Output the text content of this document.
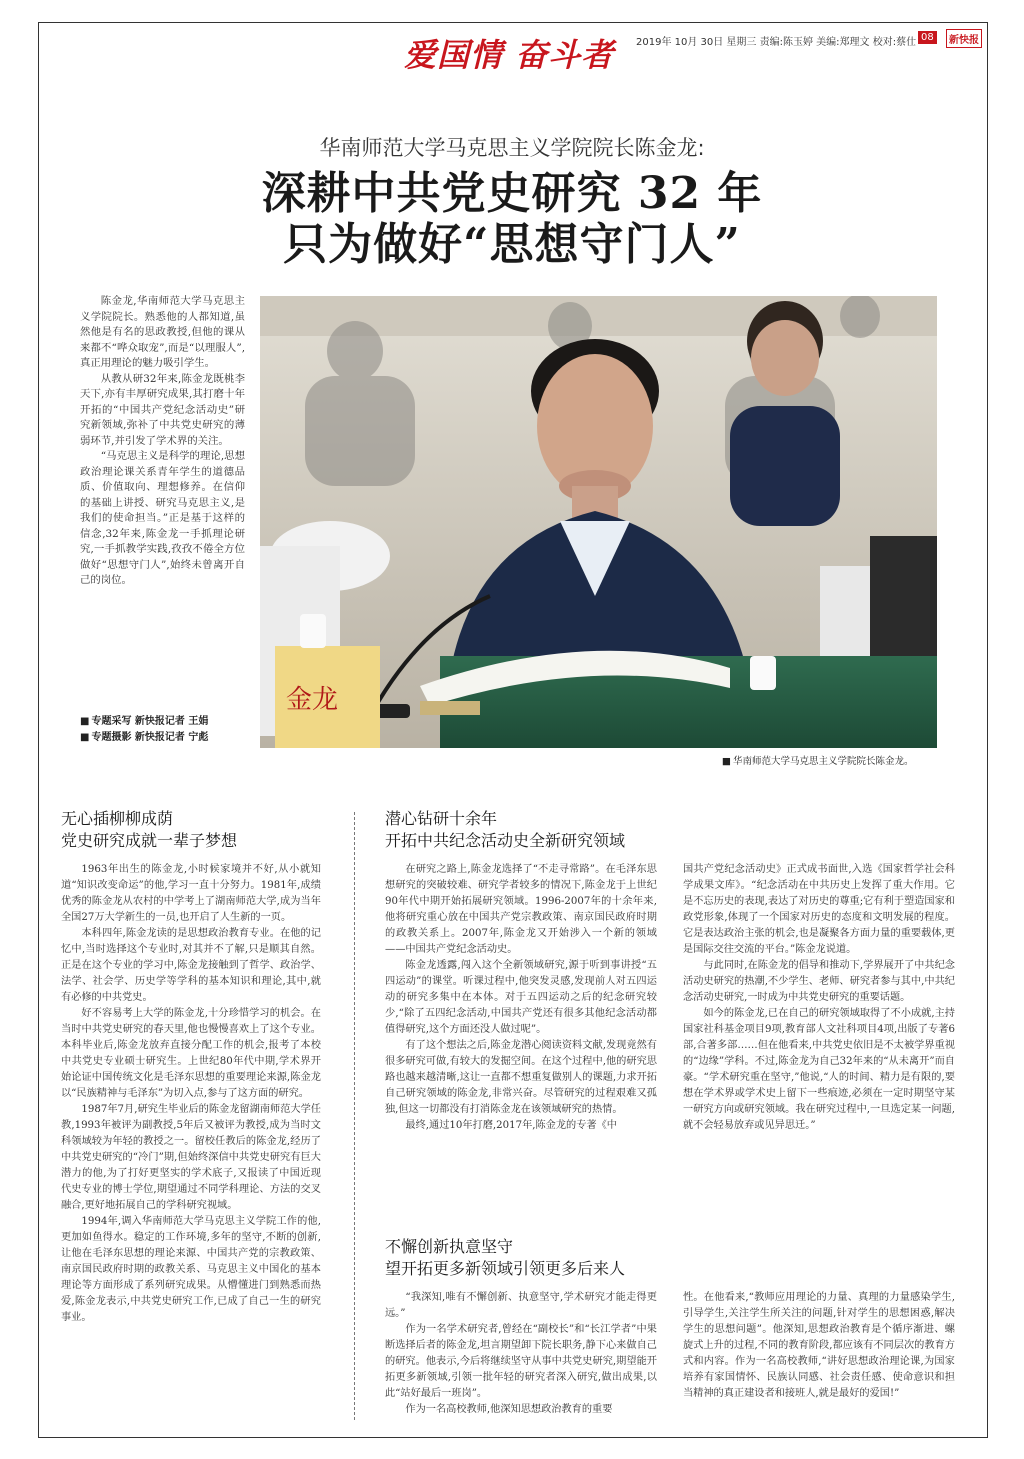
爱国情 奋斗者 2019年 10月 30日 星期三 责编:陈玉婷 美编:郑理文 校对:蔡仕 08	新快报
华南师范大学马克思主义学院院长陈金龙:
深耕中共党史研究 32 年
只为做好“思想守门人”

陈金龙,华南师范大学马克思主义学院院长。熟悉他的人都知道,虽然他是有名的思政教授,但他的课从来都不“哗众取宠”,而是“以理服人”,真正用理论的魅力吸引学生。

从教从研32年来,陈金龙既桃李天下,亦有丰厚研究成果,其打磨十年开拓的“中国共产党纪念活动史”研究新领域,弥补了中共党史研究的薄弱环节,并引发了学术界的关注。

“马克思主义是科学的理论,思想政治理论课关系青年学生的道德品质、价值取向、理想修养。在信仰的基础上讲授、研究马克思主义,是我们的使命担当。”正是基于这样的信念,32年来,陈金龙一手抓理论研究,一手抓教学实践,孜孜不倦全方位做好“思想守门人”,始终未曾离开自己的岗位。

■ 专题采写 新快报记者 王娟
■ 专题摄影 新快报记者 宁彪
金龙
■ 华南师范大学马克思主义学院院长陈金龙。
无心插柳柳成荫
党史研究成就一辈子梦想

1963年出生的陈金龙,小时候家境并不好,从小就知道“知识改变命运”的他,学习一直十分努力。1981年,成绩优秀的陈金龙从农村的中学考上了湖南师范大学,成为当年全国27万大学新生的一员,也开启了人生新的一页。

本科四年,陈金龙读的是思想政治教育专业。在他的记忆中,当时选择这个专业时,对其并不了解,只是顺其自然。正是在这个专业的学习中,陈金龙接触到了哲学、政治学、法学、社会学、历史学等学科的基本知识和理论,其中,就有必修的中共党史。

好不容易考上大学的陈金龙,十分珍惜学习的机会。在当时中共党史研究的春天里,他也慢慢喜欢上了这个专业。本科毕业后,陈金龙放弃直接分配工作的机会,报考了本校中共党史专业硕士研究生。上世纪80年代中期,学术界开始论证中国传统文化是毛泽东思想的重要理论来源,陈金龙以“民族精神与毛泽东”为切入点,参与了这方面的研究。

1987年7月,研究生毕业后的陈金龙留湖南师范大学任教,1993年被评为副教授,5年后又被评为教授,成为当时文科领域较为年轻的教授之一。留校任教后的陈金龙,经历了中共党史研究的“冷门”期,但始终深信中共党史研究有巨大潜力的他,为了打好更坚实的学术底子,又报读了中国近现代史专业的博士学位,期望通过不同学科理论、方法的交叉融合,更好地拓展自己的学科研究视域。

1994年,调入华南师范大学马克思主义学院工作的他,更加如鱼得水。稳定的工作环境,多年的坚守,不断的创新,让他在毛泽东思想的理论来源、中国共产党的宗教政策、南京国民政府时期的政教关系、马克思主义中国化的基本理论等方面形成了系列研究成果。从懵懂进门到熟悉而热爱,陈金龙表示,中共党史研究工作,已成了自己一生的研究事业。

潜心钻研十余年
开拓中共纪念活动史全新研究领域

在研究之路上,陈金龙选择了“不走寻常路”。在毛泽东思想研究的突破较难、研究学者较多的情况下,陈金龙于上世纪90年代中期开始拓展研究领域。1996-2007年的十余年来,他将研究重心放在中国共产党宗教政策、南京国民政府时期的政教关系上。2007年,陈金龙又开始涉入一个新的领域——中国共产党纪念活动史。

陈金龙透露,闯入这个全新领域研究,源于听到事讲授“五四运动”的课堂。听课过程中,他突发灵感,发现前人对五四运动的研究多集中在本体。对于五四运动之后的纪念研究较少,“除了五四纪念活动,中国共产党还有很多其他纪念活动都值得研究,这个方面还没人做过呢”。

有了这个想法之后,陈金龙潜心阅读资料文献,发现竟然有很多研究可做,有较大的发掘空间。在这个过程中,他的研究思路也越来越清晰,这让一直都不想重复做别人的课题,力求开拓自己研究领域的陈金龙,非常兴奋。尽管研究的过程艰难又孤独,但这一切都没有打消陈金龙在该领域研究的热情。

最终,通过10年打磨,2017年,陈金龙的专著《中

国共产党纪念活动史》正式成书面世,入选《国家哲学社会科学成果文库》。“纪念活动在中共历史上发挥了重大作用。它是不忘历史的表现,表达了对历史的尊重;它有利于塑造国家和政党形象,体现了一个国家对历史的态度和文明发展的程度。它是表达政治主张的机会,也是凝聚各方面力量的重要载体,更是国际交往交流的平台。”陈金龙说道。

与此同时,在陈金龙的倡导和推动下,学界展开了中共纪念活动史研究的热潮,不少学生、老师、研究者参与其中,中共纪念活动史研究,一时成为中共党史研究的重要话题。

如今的陈金龙,已在自己的研究领域取得了不小成就,主持国家社科基金项目9项,教育部人文社科项目4项,出版了专著6部,合著多部……但在他看来,中共党史依旧是不太被学界重视的“边缘”学科。不过,陈金龙为自己32年来的“从未离开”而自豪。“学术研究重在坚守,”他说,“人的时间、精力是有限的,要想在学术界或学术史上留下一些痕迹,必须在一定时期坚守某一研究方向或研究领域。我在研究过程中,一旦选定某一问题,就不会轻易放弃或见异思迁。”

不懈创新执意坚守
望开拓更多新领域引领更多后来人

“我深知,唯有不懈创新、执意坚守,学术研究才能走得更远。”

作为一名学术研究者,曾经在“副校长”和“长江学者”中果断选择后者的陈金龙,坦言期望卸下院长职务,静下心来做自己的研究。他表示,今后将继续坚守从事中共党史研究,期望能开拓更多新领域,引领一批年轻的研究者深入研究,做出成果,以此“站好最后一班岗”。

作为一名高校教师,他深知思想政治教育的重要

性。在他看来,“教师应用理论的力量、真理的力量感染学生,引导学生,关注学生所关注的问题,针对学生的思想困惑,解决学生的思想问题”。他深知,思想政治教育是个循序渐进、螺旋式上升的过程,不同的教育阶段,都应该有不同层次的教育方式和内容。作为一名高校教师,“讲好思想政治理论课,为国家培养有家国情怀、民族认同感、社会责任感、使命意识和担当精神的真正建设者和接班人,就是最好的爱国!”
